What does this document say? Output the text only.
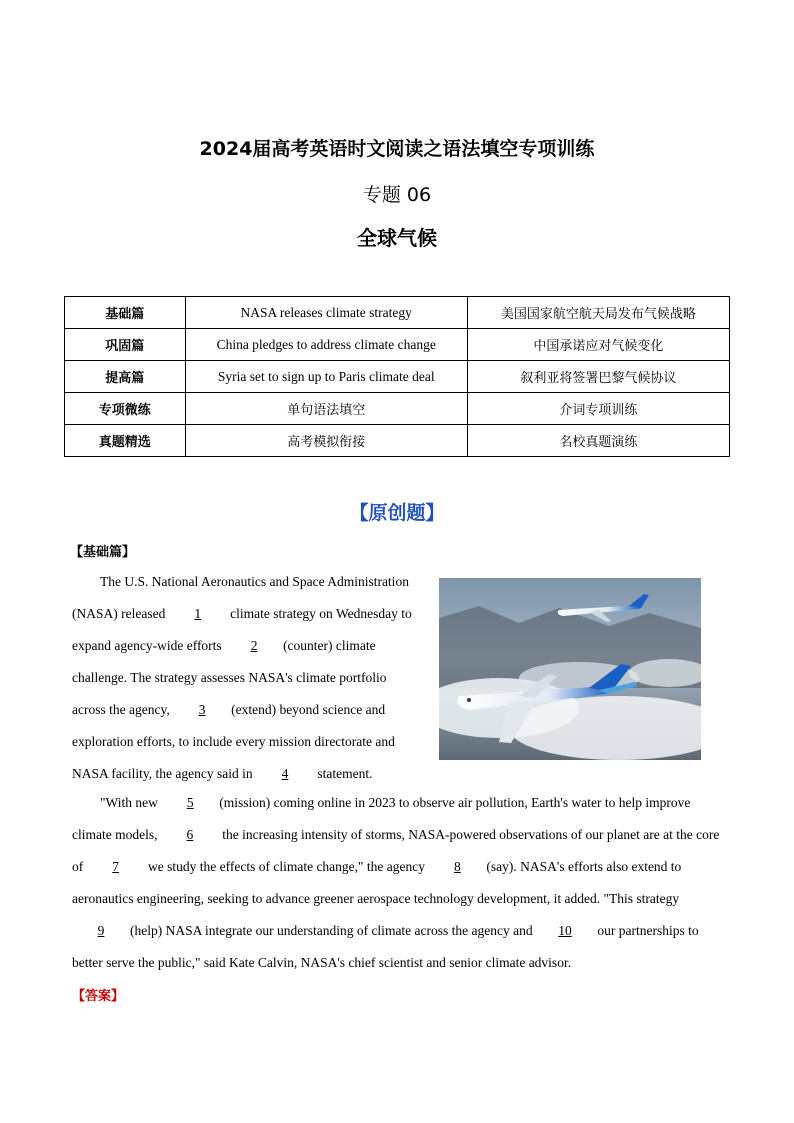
2024届高考英语时文阅读之语法填空专项训练
专题 06
全球气候
基础篇	NASA releases climate strategy	美国国家航空航天局发布气候战略
巩固篇	China pledges to address climate change	中国承诺应对气候变化
提高篇	Syria set to sign up to Paris climate deal	叙利亚将签署巴黎气候协议
专项微练	单句语法填空	介词专项训练
真题精选	高考模拟衔接	名校真题演练
【原创题】
【基础篇】
The U.S. National Aeronautics and Space Administration (NASA) released 1 climate strategy on Wednesday to expand agency-wide efforts 2 (counter) climate challenge. The strategy assesses NASA's climate portfolio across the agency, 3 (extend) beyond science and exploration efforts, to include every mission directorate and NASA facility, the agency said in 4 statement.
"With new 5 (mission) coming online in 2023 to observe air pollution, Earth's water to help improve climate models, 6 the increasing intensity of storms, NASA-powered observations of our planet are at the core of 7 we study the effects of climate change," the agency 8 (say). NASA's efforts also extend to aeronautics engineering, seeking to advance greener aerospace technology development, it added. "This strategy 9 (help) NASA integrate our understanding of climate across the agency and 10 our partnerships to better serve the public," said Kate Calvin, NASA's chief scientist and senior climate advisor.
【答案】
